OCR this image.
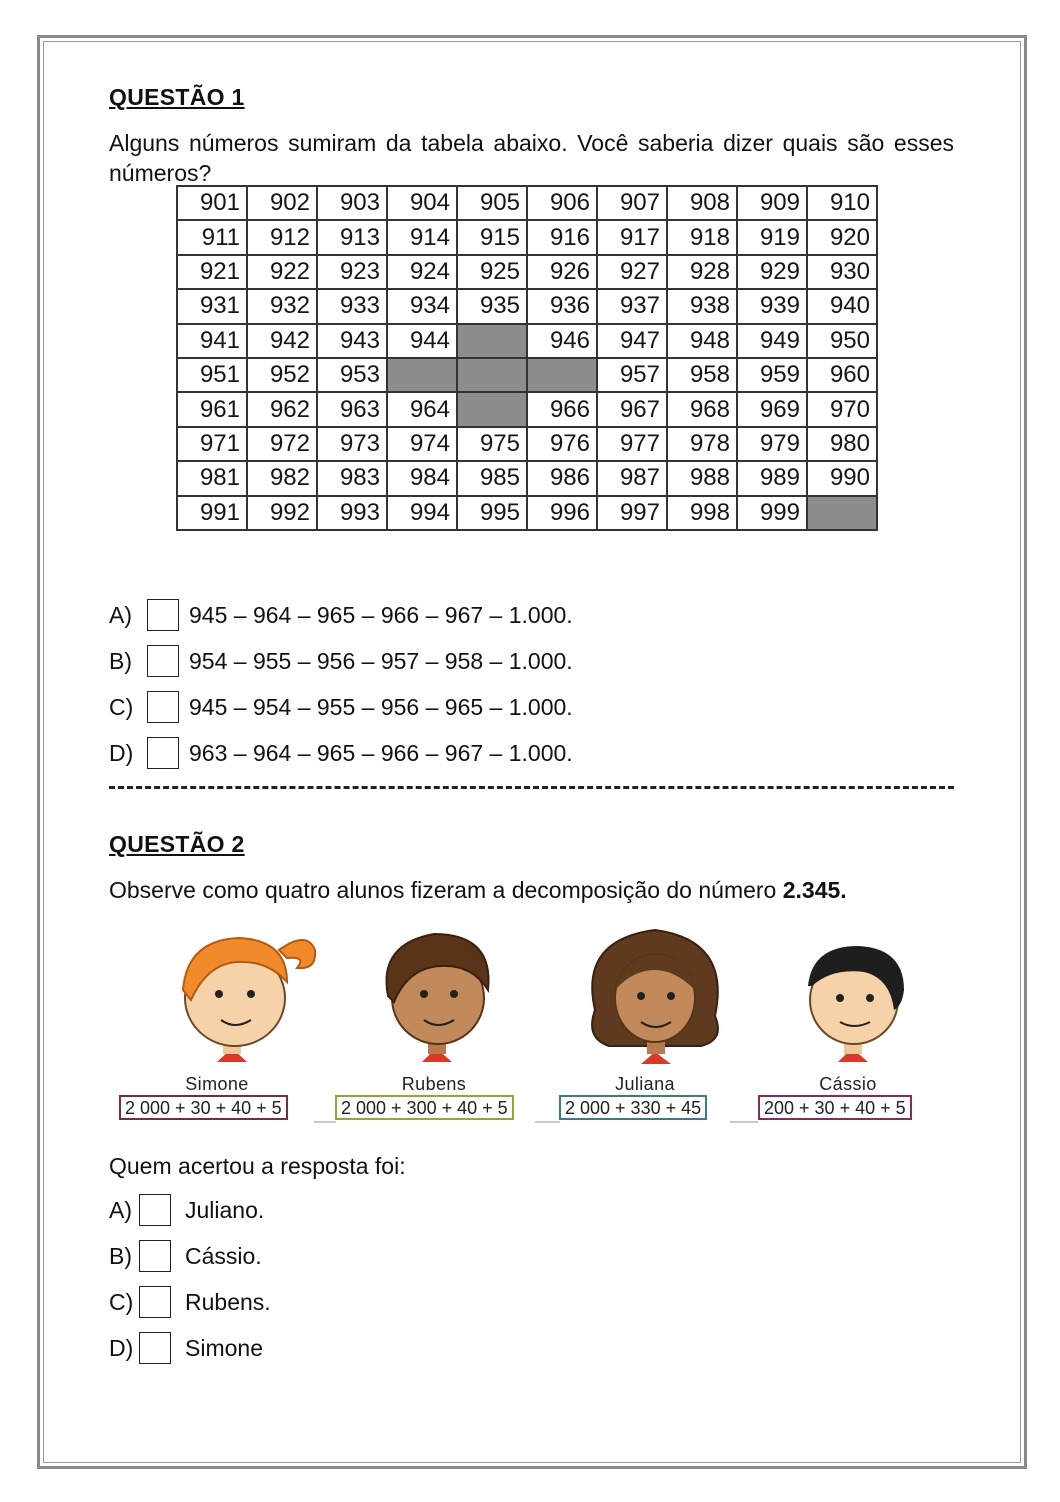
QUESTÃO 1
Alguns números sumiram da tabela abaixo. Você saberia dizer quais são esses números?
901	902	903	904	905	906	907	908	909	910
911	912	913	914	915	916	917	918	919	920
921	922	923	924	925	926	927	928	929	930
931	932	933	934	935	936	937	938	939	940
941	942	943	944		946	947	948	949	950
951	952	953				957	958	959	960
961	962	963	964		966	967	968	969	970
971	972	973	974	975	976	977	978	979	980
981	982	983	984	985	986	987	988	989	990
991	992	993	994	995	996	997	998	999	
A)	945 – 964 – 965 – 966 – 967 – 1.000.
B)	954 – 955 – 956 – 957 – 958 – 1.000.
C)	945 – 954 – 955 – 956 – 965 – 1.000.
D)	963 – 964 – 965 – 966 – 967 – 1.000.
QUESTÃO 2
Observe como quatro alunos fizeram a decomposição do número 2.345.
Simone
2 000 + 30 + 40 + 5
Rubens
2 000 + 300 + 40 + 5
Juliana
2 000 + 330 + 45
Cássio
200 + 30 + 40 + 5
Quem acertou a resposta foi:
A)	Juliano.
B)	Cássio.
C) Rubens.
D) Simone
